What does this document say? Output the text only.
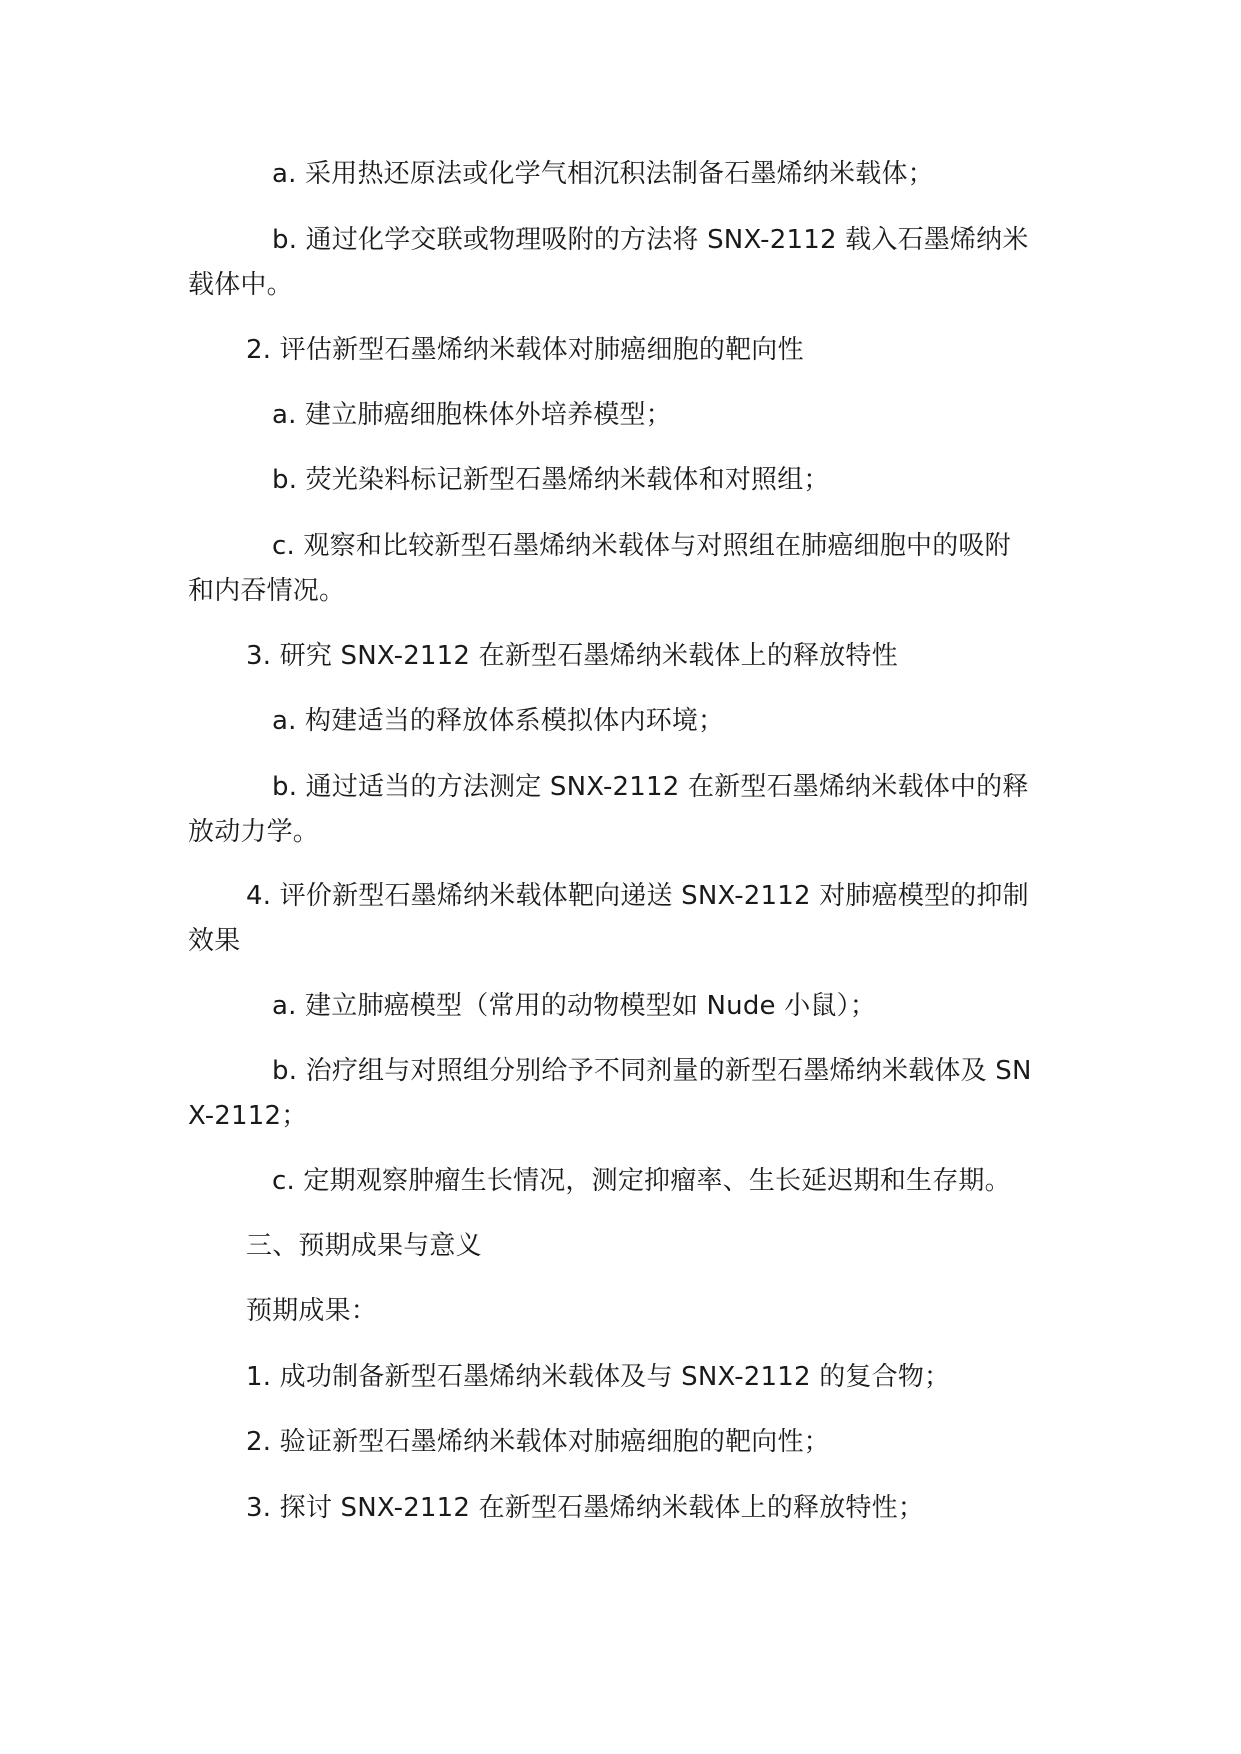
a. 采用热还原法或化学气相沉积法制备石墨烯纳米载体；

b. 通过化学交联或物理吸附的方法将 SNX-2112 载入石墨烯纳米载体中。

2. 评估新型石墨烯纳米载体对肺癌细胞的靶向性

a. 建立肺癌细胞株体外培养模型；

b. 荧光染料标记新型石墨烯纳米载体和对照组；

c. 观察和比较新型石墨烯纳米载体与对照组在肺癌细胞中的吸附和内吞情况。

3. 研究 SNX-2112 在新型石墨烯纳米载体上的释放特性

a. 构建适当的释放体系模拟体内环境；

b. 通过适当的方法测定 SNX-2112 在新型石墨烯纳米载体中的释放动力学。

4. 评价新型石墨烯纳米载体靶向递送 SNX-2112 对肺癌模型的抑制效果

a. 建立肺癌模型（常用的动物模型如 Nude 小鼠）；

b. 治疗组与对照组分别给予不同剂量的新型石墨烯纳米载体及 SNX-2112；

c. 定期观察肿瘤生长情况，测定抑瘤率、生长延迟期和生存期。

三、预期成果与意义

预期成果：

1. 成功制备新型石墨烯纳米载体及与 SNX-2112 的复合物；

2. 验证新型石墨烯纳米载体对肺癌细胞的靶向性；

3. 探讨 SNX-2112 在新型石墨烯纳米载体上的释放特性；
